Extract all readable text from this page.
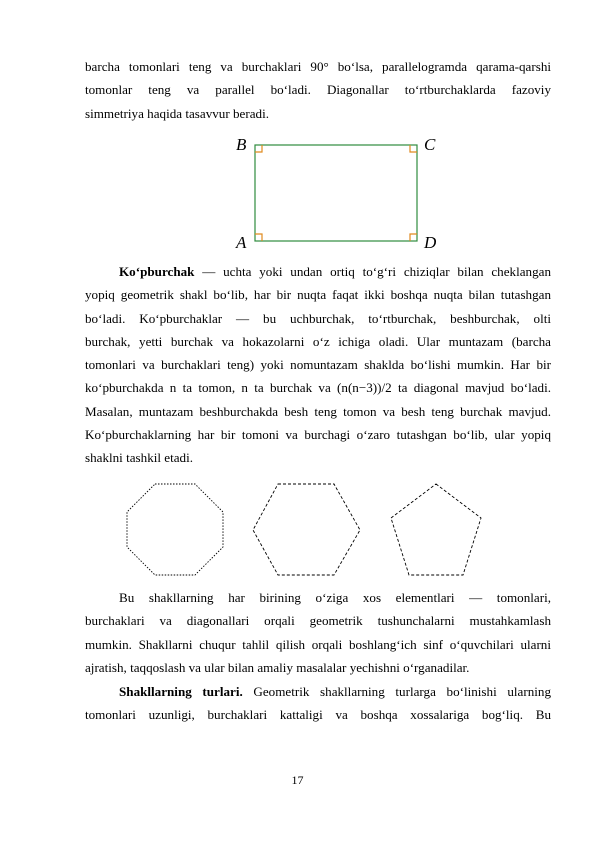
barcha tomonlari teng va burchaklari 90° bo‘lsa, parallelogramda qarama-qarshi
tomonlar teng va parallel bo‘ladi. Diagonallar to‘rtburchaklarda fazoviy
simmetriya haqida tasavvur beradi.
B	C
A	D
Ko‘pburchak — uchta yoki undan ortiq to‘g‘ri chiziqlar bilan cheklangan
yopiq geometrik shakl bo‘lib, har bir nuqta faqat ikki boshqa nuqta bilan tutashgan
bo‘ladi. Ko‘pburchaklar — bu uchburchak, to‘rtburchak, beshburchak, olti
burchak, yetti burchak va hokazolarni o‘z ichiga oladi. Ular muntazam (barcha
tomonlari va burchaklari teng) yoki nomuntazam shaklda bo‘lishi mumkin. Har bir
ko‘pburchakda n ta tomon, n ta burchak va (n(n−3))/2 ta diagonal mavjud bo‘ladi.
Masalan, muntazam beshburchakda besh teng tomon va besh teng burchak mavjud.
Ko‘pburchaklarning har bir tomoni va burchagi o‘zaro tutashgan bo‘lib, ular yopiq
shaklni tashkil etadi.
Bu shakllarning har birining o‘ziga xos elementlari — tomonlari,
burchaklari va diagonallari orqali geometrik tushunchalarni mustahkamlash
mumkin. Shakllarni chuqur tahlil qilish orqali boshlang‘ich sinf o‘quvchilari ularni
ajratish, taqqoslash va ular bilan amaliy masalalar yechishni o‘rganadilar.
Shakllarning turlari. Geometrik shakllarning turlarga bo‘linishi ularning
tomonlari uzunligi, burchaklari kattaligi va boshqa xossalariga bog‘liq. Bu
17
